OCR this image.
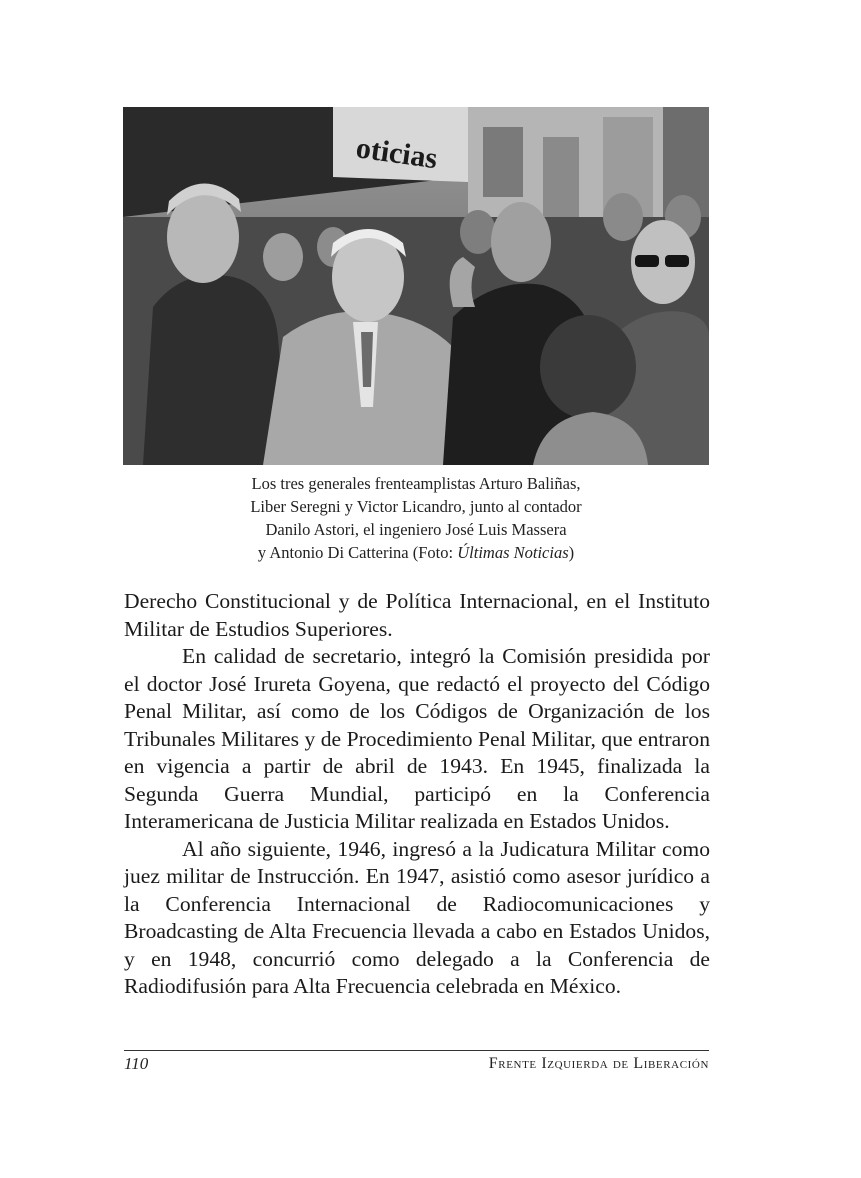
oticias
Los tres generales frenteamplistas Arturo Baliñas,
Liber Seregni y Victor Licandro, junto al contador
Danilo Astori, el ingeniero José Luis Massera
y Antonio Di Catterina (Foto: Últimas Noticias)

Derecho Constitucional y de Política Internacional, en el Instituto Militar de Estudios Superiores.

En calidad de secretario, integró la Comisión presidida por el doctor José Irureta Goyena, que redactó el proyecto del Código Penal Militar, así como de los Códigos de Organización de los Tribunales Militares y de Procedimiento Penal Militar, que entraron en vigencia a partir de abril de 1943. En 1945, finalizada la Segunda Guerra Mundial, participó en la Conferencia Interamericana de Justicia Militar realizada en Estados Unidos.

Al año siguiente, 1946, ingresó a la Judicatura Militar como juez militar de Instrucción. En 1947, asistió como asesor jurídico a la Conferencia Internacional de Radiocomunicaciones y Broadcasting de Alta Frecuencia llevada a cabo en Estados Unidos, y en 1948, concurrió como delegado a la Conferencia de Radiodifusión para Alta Frecuencia celebrada en México.

110	Frente Izquierda de Liberación
